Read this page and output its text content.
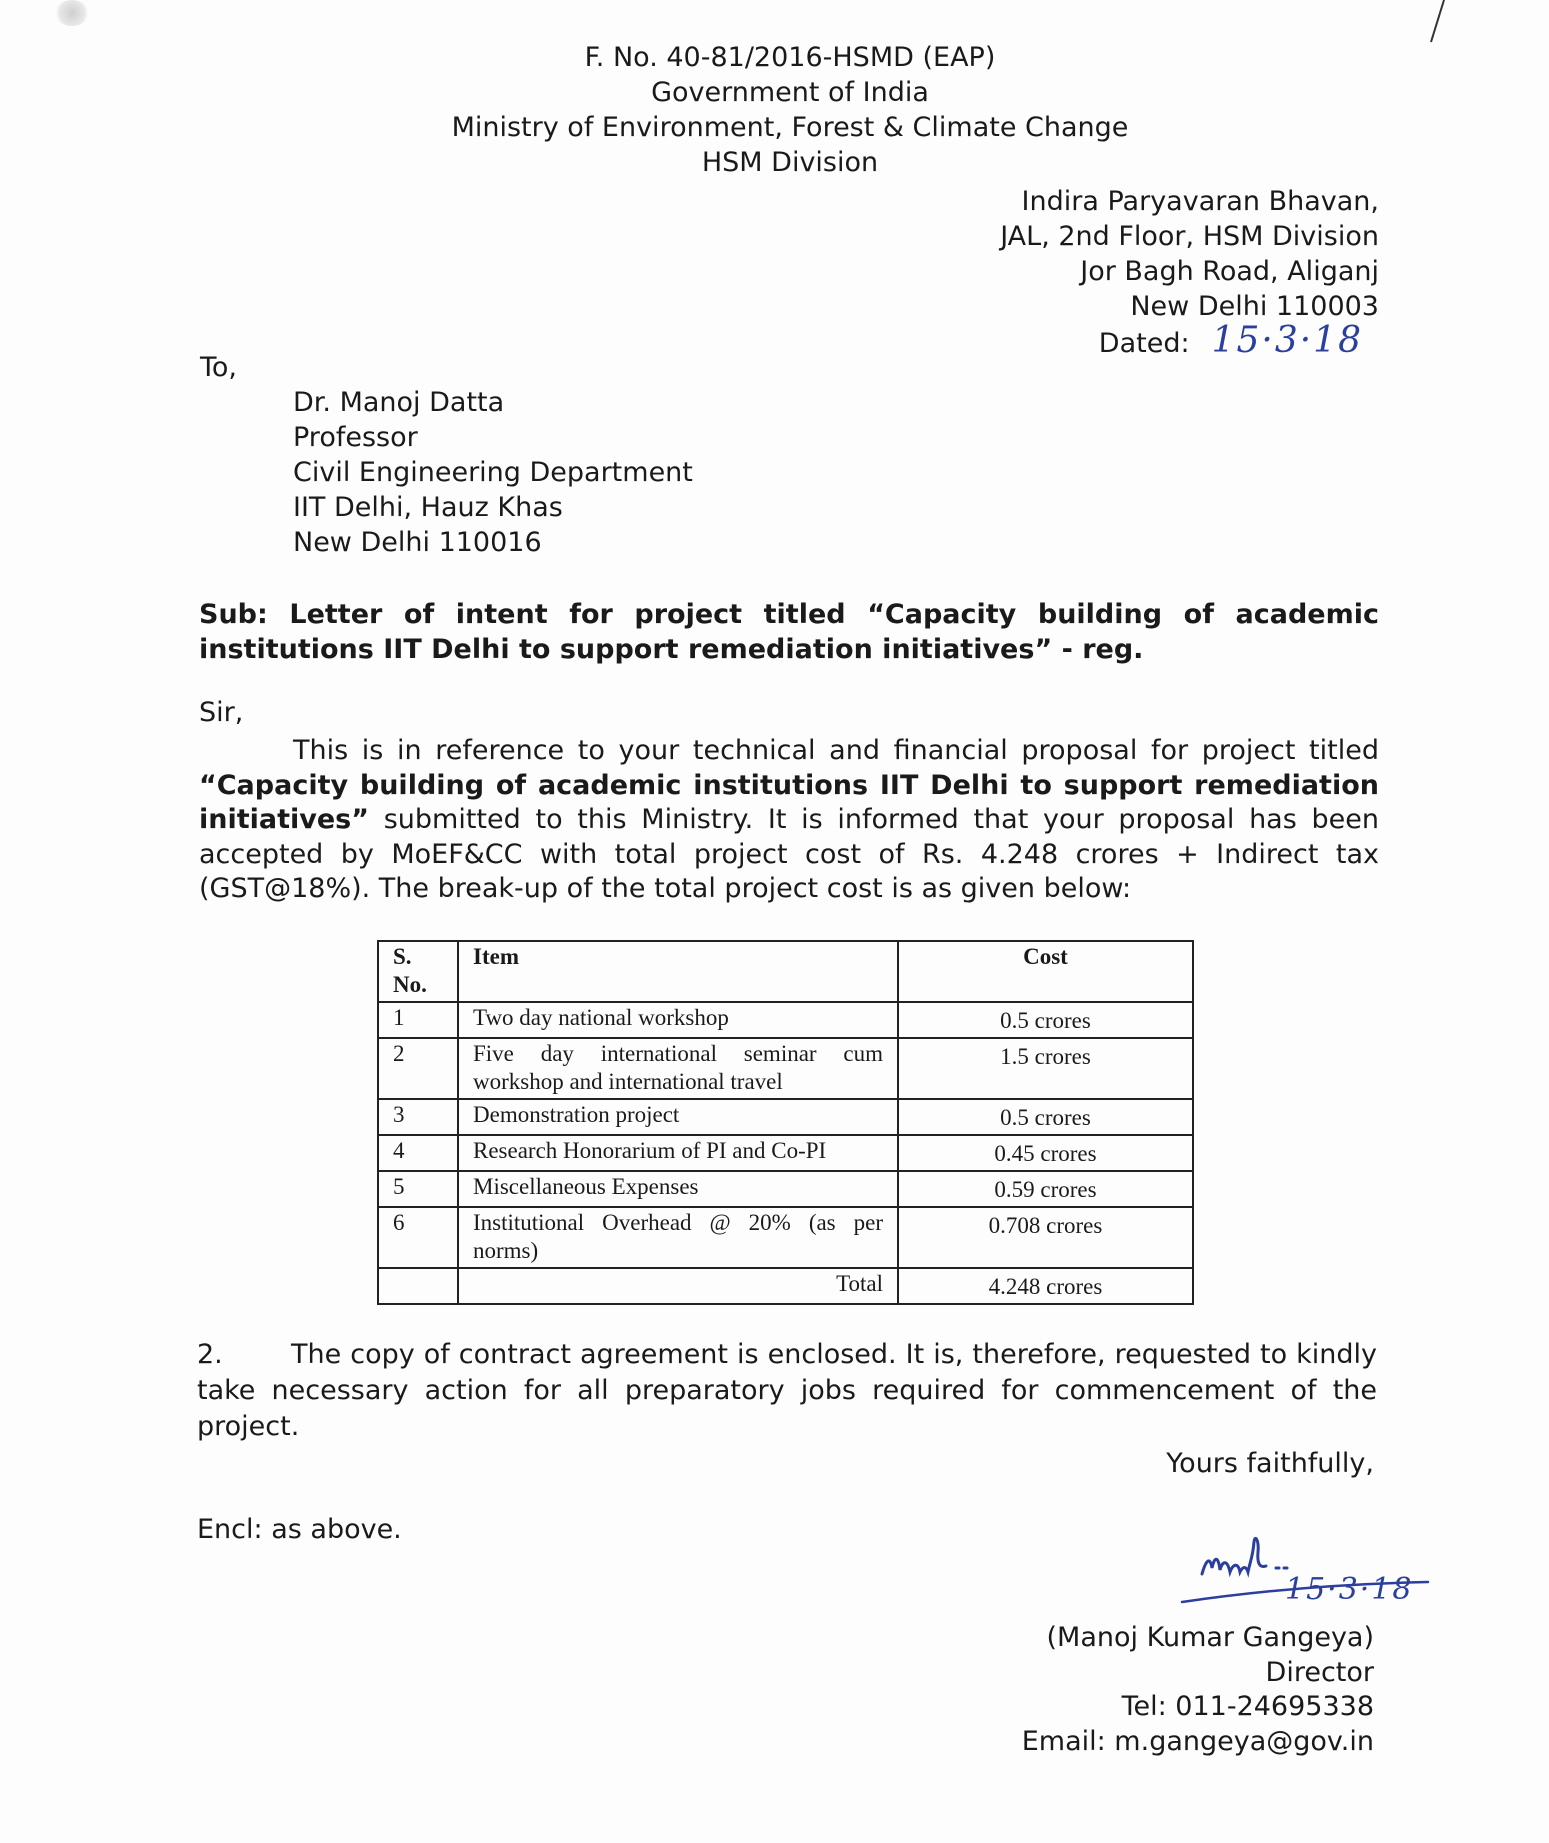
F. No. 40-81/2016-HSMD (EAP)
Government of India
Ministry of Environment, Forest & Climate Change
HSM Division
Indira Paryavaran Bhavan,
JAL, 2nd Floor, HSM Division
Jor Bagh Road, Aliganj
New Delhi 110003
Dated: 15·3·18
To,
Dr. Manoj Datta
Professor
Civil Engineering Department
IIT Delhi, Hauz Khas
New Delhi 110016
Sub: Letter of intent for project titled “Capacity building of academic institutions IIT Delhi to support remediation initiatives” - reg.
Sir,
This is in reference to your technical and financial proposal for project titled “Capacity building of academic institutions IIT Delhi to support remediation initiatives” submitted to this Ministry. It is informed that your proposal has been accepted by MoEF&CC with total project cost of Rs. 4.248 crores + Indirect tax (GST@18%). The break-up of the total project cost is as given below:
S. No.	Item	Cost
1	Two day national workshop	0.5 crores
2	Five day international seminar cum workshop and international travel	1.5 crores
3	Demonstration project	0.5 crores
4	Research Honorarium of PI and Co-PI	0.45 crores
5	Miscellaneous Expenses	0.59 crores
6	Institutional Overhead @ 20% (as per norms)	0.708 crores
	Total	4.248 crores
2.	The copy of contract agreement is enclosed. It is, therefore, requested to kindly take necessary action for all preparatory jobs required for commencement of the project.
Yours faithfully,
Encl: as above.
15·3·18
(Manoj Kumar Gangeya)
Director
Tel: 011-24695338
Email: m.gangeya@gov.in
